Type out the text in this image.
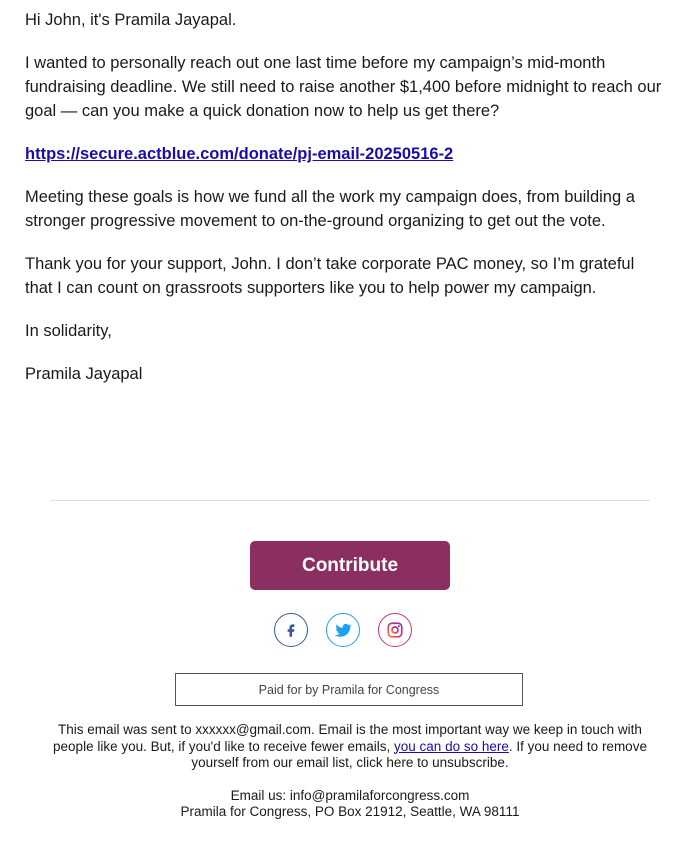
Hi John, it's Pramila Jayapal.

I wanted to personally reach out one last time before my campaign’s mid-month fundraising deadline. We still need to raise another $1,400 before midnight to reach our goal — can you make a quick donation now to help us get there?

https://secure.actblue.com/donate/pj-email-20250516-2

Meeting these goals is how we fund all the work my campaign does, from building a stronger progressive movement to on-the-ground organizing to get out the vote.

Thank you for your support, John. I don’t take corporate PAC money, so I’m grateful that I can count on grassroots supporters like you to help power my campaign.

In solidarity,

Pramila Jayapal

Contribute
Paid for by Pramila for Congress
This email was sent to xxxxxx@gmail.com. Email is the most important way we keep in touch with people like you. But, if you'd like to receive fewer emails, you can do so here. If you need to remove yourself from our email list, click here to unsubscribe.
Email us: info@pramilaforcongress.com
Pramila for Congress, PO Box 21912, Seattle, WA 98111
